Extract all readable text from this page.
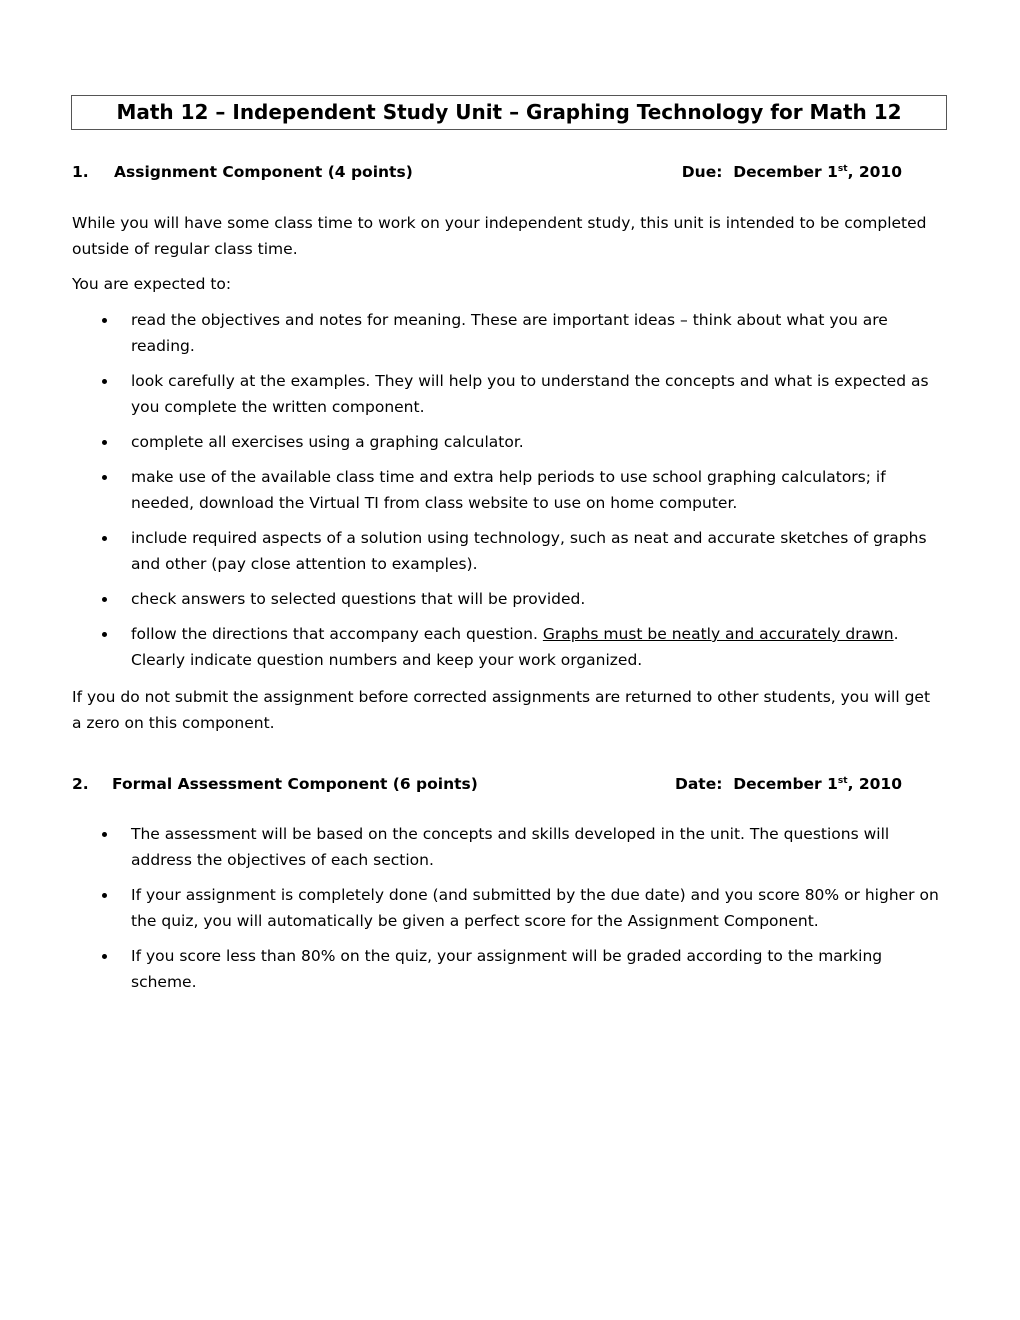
Math 12 – Independent Study Unit – Graphing Technology for Math 12
1. Assignment Component (4 points)	Due: December 1st, 2010

While you will have some class time to work on your independent study, this unit is intended to be completed outside of regular class time.

You are expected to:

read the objectives and notes for meaning. These are important ideas – think about what you are reading.
look carefully at the examples. They will help you to understand the concepts and what is expected as you complete the written component.
complete all exercises using a graphing calculator.
make use of the available class time and extra help periods to use school graphing calculators; if needed, download the Virtual TI from class website to use on home computer.
include required aspects of a solution using technology, such as neat and accurate sketches of graphs and other (pay close attention to examples).
check answers to selected questions that will be provided.
follow the directions that accompany each question. Graphs must be neatly and accurately drawn. Clearly indicate question numbers and keep your work organized.

If you do not submit the assignment before corrected assignments are returned to other students, you will get a zero on this component.

2. Formal Assessment Component (6 points)	Date: December 1st, 2010
The assessment will be based on the concepts and skills developed in the unit. The questions will address the objectives of each section.
If your assignment is completely done (and submitted by the due date) and you score 80% or higher on the quiz, you will automatically be given a perfect score for the Assignment Component.
If you score less than 80% on the quiz, your assignment will be graded according to the marking scheme.
